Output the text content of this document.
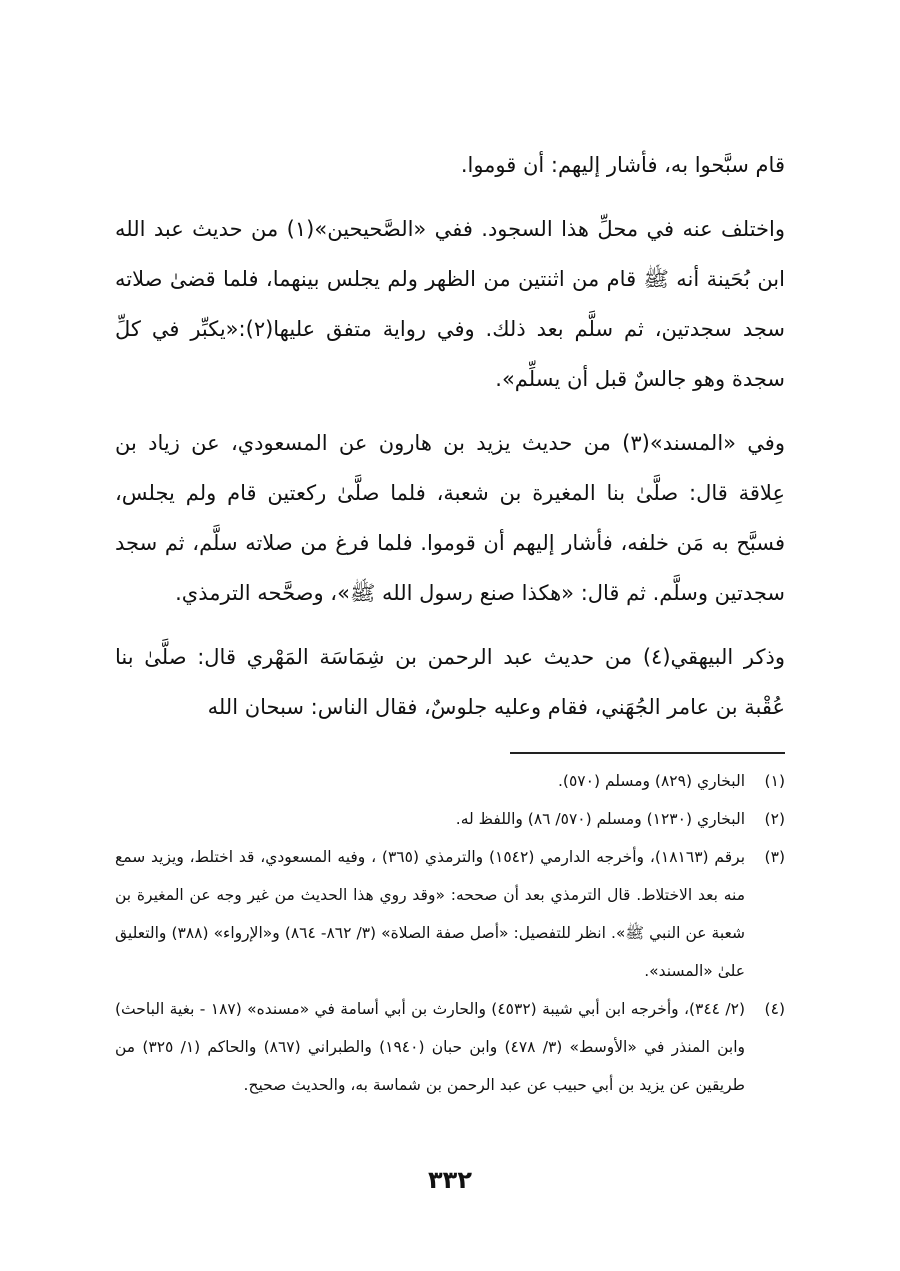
قام سبَّحوا به، فأشار إليهم: أن قوموا.

واختلف عنه في محلِّ هذا السجود. ففي «الصَّحيحين»(١) من حديث عبد الله ابن بُحَينة أنه ﷺ قام من اثنتين من الظهر ولم يجلس بينهما، فلما قضىٰ صلاته سجد سجدتين، ثم سلَّم بعد ذلك. وفي رواية متفق عليها(٢):«يكبِّر في كلِّ سجدة وهو جالسٌ قبل أن يسلِّم».

وفي «المسند»(٣) من حديث يزيد بن هارون عن المسعودي، عن زياد بن عِلاقة قال: صلَّىٰ بنا المغيرة بن شعبة، فلما صلَّىٰ ركعتين قام ولم يجلس، فسبَّح به مَن خلفه، فأشار إليهم أن قوموا. فلما فرغ من صلاته سلَّم، ثم سجد سجدتين وسلَّم. ثم قال: «هكذا صنع رسول الله ﷺ»، وصحَّحه الترمذي.

وذكر البيهقي(٤) من حديث عبد الرحمن بن شِمَاسَة المَهْري قال: صلَّىٰ بنا عُقْبة بن عامر الجُهَني، فقام وعليه جلوسٌ، فقال الناس: سبحان الله

(١)
البخاري (٨٢٩) ومسلم (٥٧٠).
(٢)
البخاري (١٢٣٠) ومسلم (٥٧٠/ ٨٦) واللفظ له.
(٣)
برقم (١٨١٦٣)، وأخرجه الدارمي (١٥٤٢) والترمذي (٣٦٥) ، وفيه المسعودي، قد اختلط، ويزيد سمع منه بعد الاختلاط. قال الترمذي بعد أن صححه: «وقد روي هذا الحديث من غير وجه عن المغيرة بن شعبة عن النبي ﷺ». انظر للتفصيل: «أصل صفة الصلاة» (٣/ ٨٦٢- ٨٦٤) و«الإرواء» (٣٨٨) والتعليق علىٰ «المسند».
(٤)
(٢/ ٣٤٤)، وأخرجه ابن أبي شيبة (٤٥٣٢) والحارث بن أبي أسامة في «مسنده» (١٨٧ - بغية الباحث) وابن المنذر في «الأوسط» (٣/ ٤٧٨) وابن حبان (١٩٤٠) والطبراني (٨٦٧) والحاكم (١/ ٣٢٥) من طريقين عن يزيد بن أبي حبيب عن عبد الرحمن بن شماسة به، والحديث صحيح.
٣٣٢
